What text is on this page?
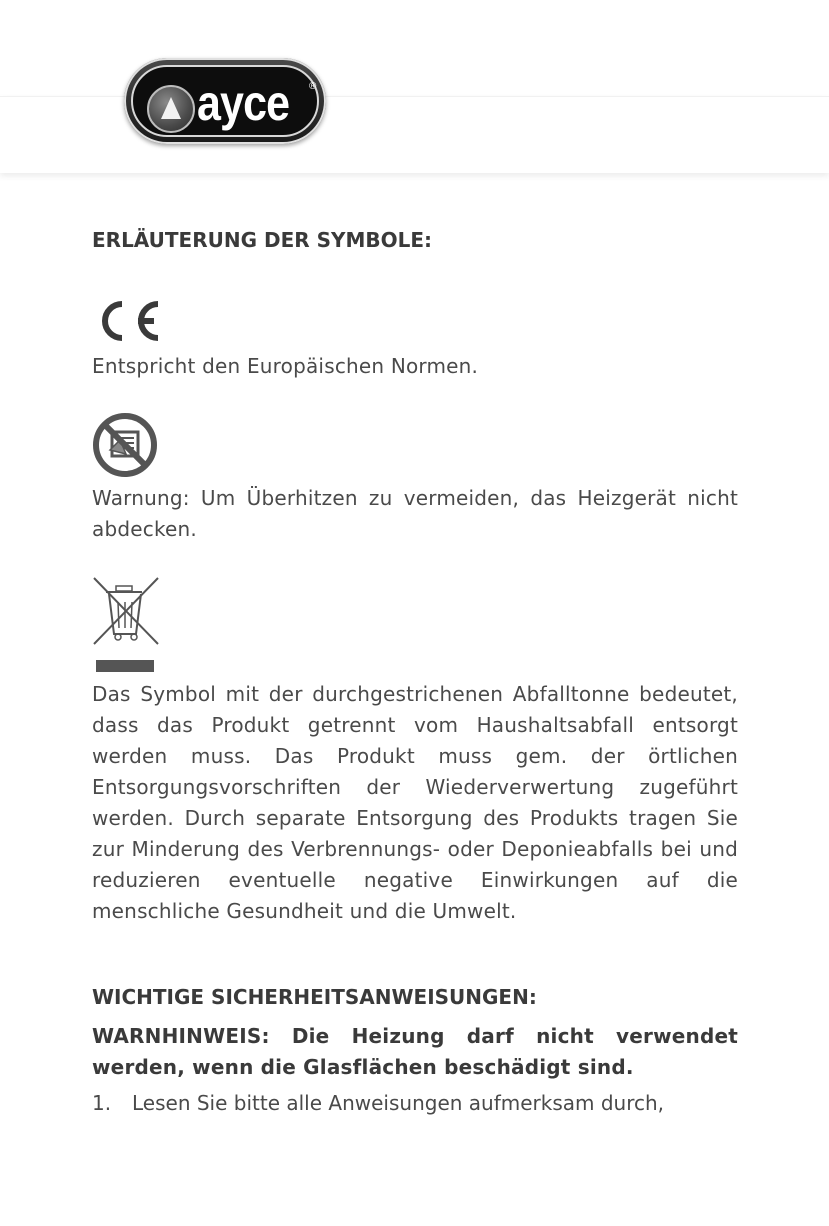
ayce ®
ERLÄUTERUNG DER SYMBOLE:

Entspricht den Europäischen Normen.

Warnung: Um Überhitzen zu vermeiden, das Heizgerät nicht abdecken.

Das Symbol mit der durchgestrichenen Abfalltonne bedeutet, dass das Produkt getrennt vom Haushaltsabfall entsorgt werden muss. Das Produkt muss gem. der örtlichen Entsorgungsvorschriften der Wiederverwertung zugeführt werden. Durch separate Entsorgung des Produkts tragen Sie zur Minderung des Verbrennungs- oder Deponieabfalls bei und reduzieren eventuelle negative Einwirkungen auf die menschliche Gesundheit und die Umwelt.

WICHTIGE SICHERHEITSANWEISUNGEN:

WARNHINWEIS: Die Heizung darf nicht verwendet werden, wenn die Glasflächen beschädigt sind.

1. Lesen Sie bitte alle Anweisungen aufmerksam durch,
